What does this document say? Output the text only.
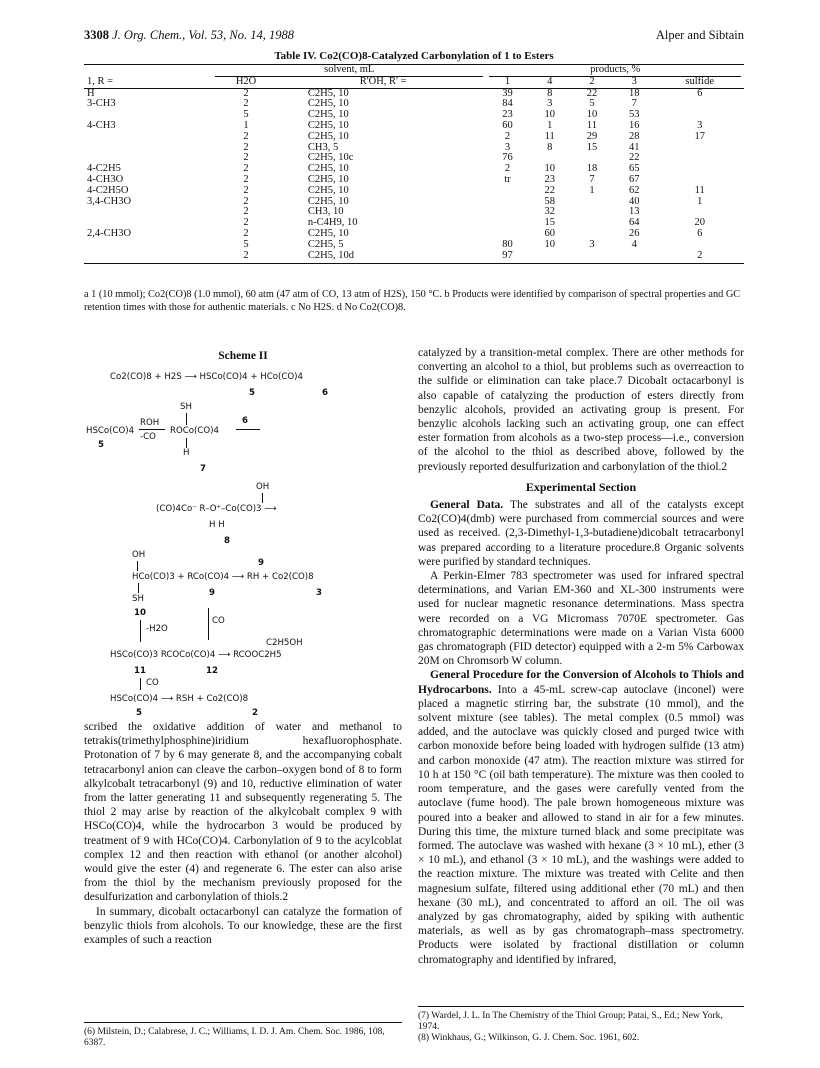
3308 J. Org. Chem., Vol. 53, No. 14, 1988	Alper and Sibtain
Table IV. Co2(CO)8-Catalyzed Carbonylation of 1 to Esters

	solvent, mL		products, %				

1, R =	H2O	R'OH, R' =	1	4	2	3	sulfide
H	2	C2H5, 10	39	8	22	18	6
3-CH3	2	C2H5, 10	84	3	5	7	
	5	C2H5, 10	23	10	10	53	
4-CH3	1	C2H5, 10	60	1	11	16	3
	2	C2H5, 10	2	11	29	28	17
	2	CH3, 5	3	8	15	41	
	2	C2H5, 10c	76			22	
4-C2H5	2	C2H5, 10	2	10	18	65	
4-CH3O	2	C2H5, 10	tr	23	7	67	
4-C2H5O	2	C2H5, 10		22	1	62	11
3,4-CH3O	2	C2H5, 10		58		40	1
	2	CH3, 10		32		13	
	2	n-C4H9, 10		15		64	20
2,4-CH3O	2	C2H5, 10		60		26	6
	5	C2H5, 5	80	10	3	4	
	2	C2H5, 10d	97				2
a 1 (10 mmol); Co2(CO)8 (1.0 mmol), 60 atm (47 atm of CO, 13 atm of H2S), 150 °C. b Products were identified by comparison of spectral properties and GC retention times with those for authentic materials. c No H2S. d No Co2(CO)8.
Scheme II
Co2(CO)8 + H2S ⟶ HSCo(CO)4 + HCo(CO)4
5	6
SH
HSCo(CO)4
ROH
-CO
ROCo(CO)4
6
H
5
7
OH
(CO)4Co⁻ R–O⁺–Co(CO)3 ⟶
H H
8
OH
HCo(CO)3 + RCo(CO)4 ⟶ RH + Co2(CO)8
9
SH
9	3
10
-H2O
CO
C2H5OH
HSCo(CO)3 RCOCo(CO)4 ⟶ RCOOC2H5
11	12
CO
HSCo(CO)4 ⟶ RSH + Co2(CO)8
5	2

scribed the oxidative addition of water and methanol to tetrakis(trimethylphosphine)iridium hexafluorophosphate. Protonation of 7 by 6 may generate 8, and the accompanying cobalt tetracarbonyl anion can cleave the carbon–oxygen bond of 8 to form alkylcobalt tetracarbonyl (9) and 10, reductive elimination of water from the latter generating 11 and subsequently regenerating 5. The thiol 2 may arise by reaction of the alkylcobalt complex 9 with HSCo(CO)4, while the hydrocarbon 3 would be produced by treatment of 9 with HCo(CO)4. Carbonylation of 9 to the acylcoblat complex 12 and then reaction with ethanol (or another alcohol) would give the ester (4) and regenerate 6. The ester can also arise from the thiol by the mechanism previously proposed for the desulfurization and carbonylation of thiols.2

In summary, dicobalt octacarbonyl can catalyze the formation of benzylic thiols from alcohols. To our knowledge, these are the first examples of such a reaction

catalyzed by a transition-metal complex. There are other methods for converting an alcohol to a thiol, but problems such as overreaction to the sulfide or elimination can take place.7 Dicobalt octacarbonyl is also capable of catalyzing the production of esters directly from benzylic alcohols, provided an activating group is present. For benzylic alcohols lacking such an activating group, one can effect ester formation from alcohols as a two-step process—i.e., conversion of the alcohol to the thiol as described above, followed by the previously reported desulfurization and carbonylation of the thiol.2

Experimental Section

General Data. The substrates and all of the catalysts except Co2(CO)4(dmb) were purchased from commercial sources and were used as received. (2,3-Dimethyl-1,3-butadiene)dicobalt tetracarbonyl was prepared according to a literature procedure.8 Organic solvents were purified by standard techniques.

A Perkin-Elmer 783 spectrometer was used for infrared spectral determinations, and Varian EM-360 and XL-300 instruments were used for nuclear magnetic resonance determinations. Mass spectra were recorded on a VG Micromass 7070E spectrometer. Gas chromatographic determinations were made on a Varian Vista 6000 gas chromatograph (FID detector) equipped with a 2-m 5% Carbowax 20M on Chromsorb W column.

General Procedure for the Conversion of Alcohols to Thiols and Hydrocarbons. Into a 45-mL screw-cap autoclave (inconel) were placed a magnetic stirring bar, the substrate (10 mmol), and the solvent mixture (see tables). The metal complex (0.5 mmol) was added, and the autoclave was quickly closed and purged twice with carbon monoxide before being loaded with hydrogen sulfide (13 atm) and carbon monoxide (47 atm). The reaction mixture was stirred for 10 h at 150 °C (oil bath temperature). The mixture was then cooled to room temperature, and the gases were carefully vented from the autoclave (fume hood). The pale brown homogeneous mixture was poured into a beaker and allowed to stand in air for a few minutes. During this time, the mixture turned black and some precipitate was formed. The autoclave was washed with hexane (3 × 10 mL), ether (3 × 10 mL), and ethanol (3 × 10 mL), and the washings were added to the reaction mixture. The mixture was treated with Celite and then magnesium sulfate, filtered using additional ether (70 mL) and then hexane (30 mL), and concentrated to afford an oil. The oil was analyzed by gas chromatography, aided by spiking with authentic materials, as well as by gas chromatograph–mass spectrometry. Products were isolated by fractional distillation or column chromatography and identified by infrared,

(6) Milstein, D.; Calabrese, J. C.; Williams, I. D. J. Am. Chem. Soc. 1986, 108, 6387.

(7) Wardel, J. L. In The Chemistry of the Thiol Group; Patai, S., Ed.; New York, 1974.

(8) Winkhaus, G.; Wilkinson, G. J. Chem. Soc. 1961, 602.
